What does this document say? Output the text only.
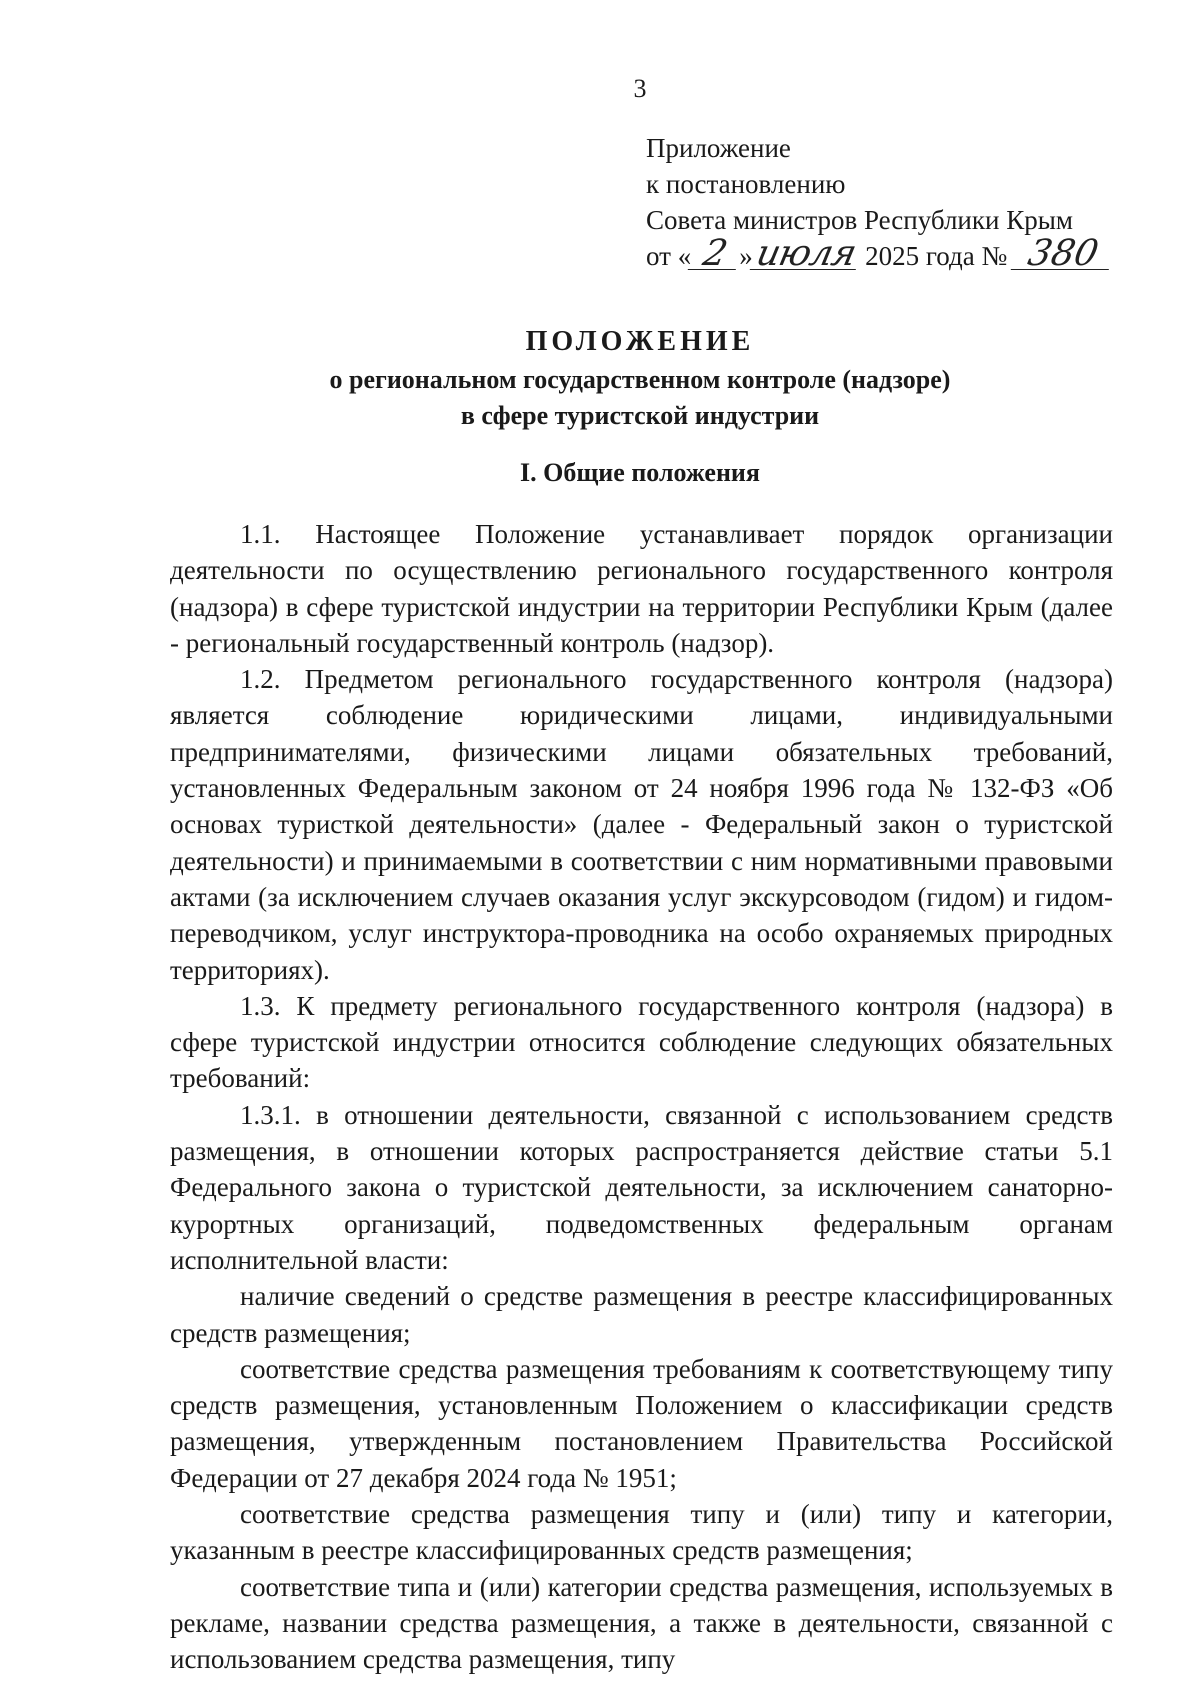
3
Приложение
к постановлению
Совета министров Республики Крым
от « 2 »июля 2025 года № 380
ПОЛОЖЕНИЕ
о региональном государственном контроле (надзоре)
в сфере туристской индустрии
I. Общие положения

1.1. Настоящее Положение устанавливает порядок организации деятельности по осуществлению регионального государственного контроля (надзора) в сфере туристской индустрии на территории Республики Крым (далее - региональный государственный контроль (надзор).

1.2. Предметом регионального государственного контроля (надзора) является соблюдение юридическими лицами, индивидуальными предпринимателями, физическими лицами обязательных требований, установленных Федеральным законом от 24 ноября 1996 года № 132-ФЗ «Об основах туристкой деятельности» (далее - Федеральный закон о туристской деятельности) и принимаемыми в соответствии с ним нормативными правовыми актами (за исключением случаев оказания услуг экскурсоводом (гидом) и гидом-переводчиком, услуг инструктора-проводника на особо охраняемых природных территориях).

1.3. К предмету регионального государственного контроля (надзора) в сфере туристской индустрии относится соблюдение следующих обязательных требований:

1.3.1. в отношении деятельности, связанной с использованием средств размещения, в отношении которых распространяется действие статьи 5.1 Федерального закона о туристской деятельности, за исключением санаторно-курортных организаций, подведомственных федеральным органам исполнительной власти:

наличие сведений о средстве размещения в реестре классифицированных средств размещения;

соответствие средства размещения требованиям к соответствующему типу средств размещения, установленным Положением о классификации средств размещения, утвержденным постановлением Правительства Российской Федерации от 27 декабря 2024 года № 1951;

соответствие средства размещения типу и (или) типу и категории, указанным в реестре классифицированных средств размещения;

соответствие типа и (или) категории средства размещения, используемых в рекламе, названии средства размещения, а также в деятельности, связанной с использованием средства размещения, типу
